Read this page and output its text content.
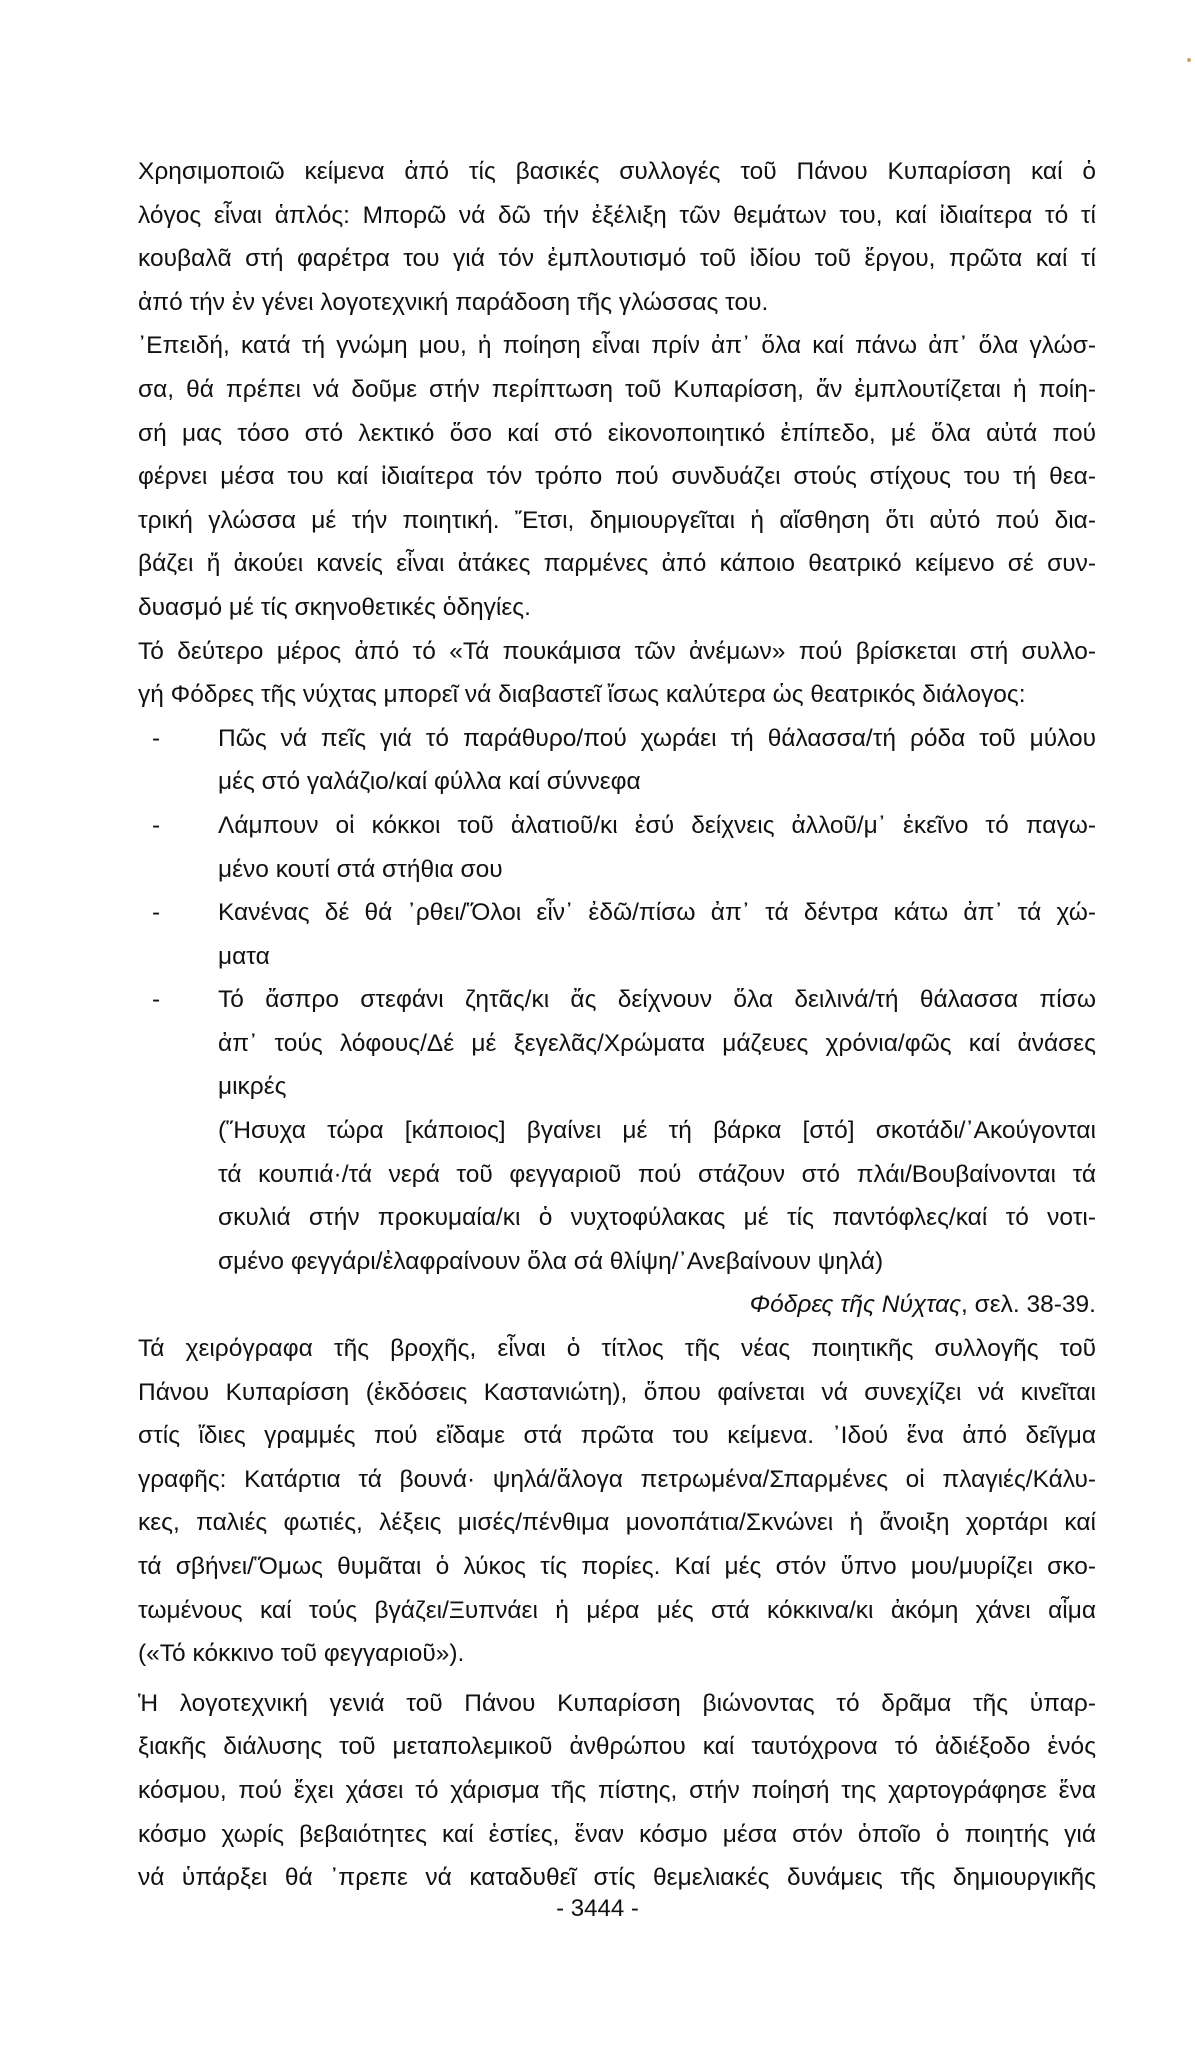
Χρησιμοποιῶ κείμενα ἀπό τίς βασικές συλλογές τοῦ Πάνου Κυπαρίσση καί ὁ
λόγος εἶναι ἁπλός: Μπορῶ νά δῶ τήν ἐξέλιξη τῶν θεμάτων του, καί ἰδιαίτερα τό τί
κουβαλᾶ στή φαρέτρα του γιά τόν ἐμπλουτισμό τοῦ ἰδίου τοῦ ἔργου, πρῶτα καί τί
ἀπό τήν ἐν γένει λογοτεχνική παράδοση τῆς γλώσσας του.
᾿Επειδή, κατά τή γνώμη μου, ἡ ποίηση εἶναι πρίν ἀπ᾿ ὅλα καί πάνω ἀπ᾿ ὅλα γλώσ-
σα, θά πρέπει νά δοῦμε στήν περίπτωση τοῦ Κυπαρίσση, ἄν ἐμπλουτίζεται ἡ ποίη-
σή μας τόσο στό λεκτικό ὅσο καί στό εἰκονοποιητικό ἐπίπεδο, μέ ὅλα αὐτά πού
φέρνει μέσα του καί ἰδιαίτερα τόν τρόπο πού συνδυάζει στούς στίχους του τή θεα-
τρική γλώσσα μέ τήν ποιητική. Ἔτσι, δημιουργεῖται ἡ αἴσθηση ὅτι αὐτό πού δια-
βάζει ἤ ἀκούει κανείς εἶναι ἀτάκες παρμένες ἀπό κάποιο θεατρικό κείμενο σέ συν-
δυασμό μέ τίς σκηνοθετικές ὁδηγίες.
Τό δεύτερο μέρος ἀπό τό «Τά πουκάμισα τῶν ἀνέμων» πού βρίσκεται στή συλλο-
γή Φόδρες τῆς νύχτας μπορεῖ νά διαβαστεῖ ἴσως καλύτερα ὡς θεατρικός διάλογος:
- Πῶς νά πεῖς γιά τό παράθυρο/πού χωράει τή θάλασσα/τή ρόδα τοῦ μύλου
μές στό γαλάζιο/καί φύλλα καί σύννεφα
- Λάμπουν οἱ κόκκοι τοῦ ἁλατιοῦ/κι ἐσύ δείχνεις ἀλλοῦ/μ᾿ ἐκεῖνο τό παγω-
μένο κουτί στά στήθια σου
- Κανένας δέ θά ᾿ρθει/Ὅλοι εἶν᾿ ἐδῶ/πίσω ἀπ᾿ τά δέντρα κάτω ἀπ᾿ τά χώ-
ματα
- Τό ἄσπρο στεφάνι ζητᾶς/κι ἄς δείχνουν ὅλα δειλινά/τή θάλασσα πίσω
ἀπ᾿ τούς λόφους/Δέ μέ ξεγελᾶς/Χρώματα μάζευες χρόνια/φῶς καί ἀνάσες
μικρές
(Ἥσυχα τώρα [κάποιος] βγαίνει μέ τή βάρκα [στό] σκοτάδι/᾿Ακούγονται
τά κουπιά·/τά νερά τοῦ φεγγαριοῦ πού στάζουν στό πλάι/Βουβαίνονται τά
σκυλιά στήν προκυμαία/κι ὁ νυχτοφύλακας μέ τίς παντόφλες/καί τό νοτι-
σμένο φεγγάρι/ἐλαφραίνουν ὅλα σά θλίψη/᾿Ανεβαίνουν ψηλά)
Φόδρες τῆς Νύχτας, σελ. 38-39.
Τά χειρόγραφα τῆς βροχῆς, εἶναι ὁ τίτλος τῆς νέας ποιητικῆς συλλογῆς τοῦ
Πάνου Κυπαρίσση (ἐκδόσεις Καστανιώτη), ὅπου φαίνεται νά συνεχίζει νά κινεῖται
στίς ἴδιες γραμμές πού εἴδαμε στά πρῶτα του κείμενα. ᾿Ιδού ἕνα ἀπό δεῖγμα
γραφῆς: Κατάρτια τά βουνά· ψηλά/ἄλογα πετρωμένα/Σπαρμένες οἱ πλαγιές/Κάλυ-
κες, παλιές φωτιές, λέξεις μισές/πένθιμα μονοπάτια/Σκνώνει ἡ ἄνοιξη χορτάρι καί
τά σβήνει/Ὅμως θυμᾶται ὁ λύκος τίς πορίες. Καί μές στόν ὕπνο μου/μυρίζει σκο-
τωμένους καί τούς βγάζει/Ξυπνάει ἡ μέρα μές στά κόκκινα/κι ἀκόμη χάνει αἷμα
(«Τό κόκκινο τοῦ φεγγαριοῦ»).
Ἡ λογοτεχνική γενιά τοῦ Πάνου Κυπαρίσση βιώνοντας τό δρᾶμα τῆς ὑπαρ-
ξιακῆς διάλυσης τοῦ μεταπολεμικοῦ ἀνθρώπου καί ταυτόχρονα τό ἀδιέξοδο ἑνός
κόσμου, πού ἔχει χάσει τό χάρισμα τῆς πίστης, στήν ποίησή της χαρτογράφησε ἕνα
κόσμο χωρίς βεβαιότητες καί ἑστίες, ἕναν κόσμο μέσα στόν ὁποῖο ὁ ποιητής γιά
νά ὑπάρξει θά ᾿πρεπε νά καταδυθεῖ στίς θεμελιακές δυνάμεις τῆς δημιουργικῆς
- 3444 -
